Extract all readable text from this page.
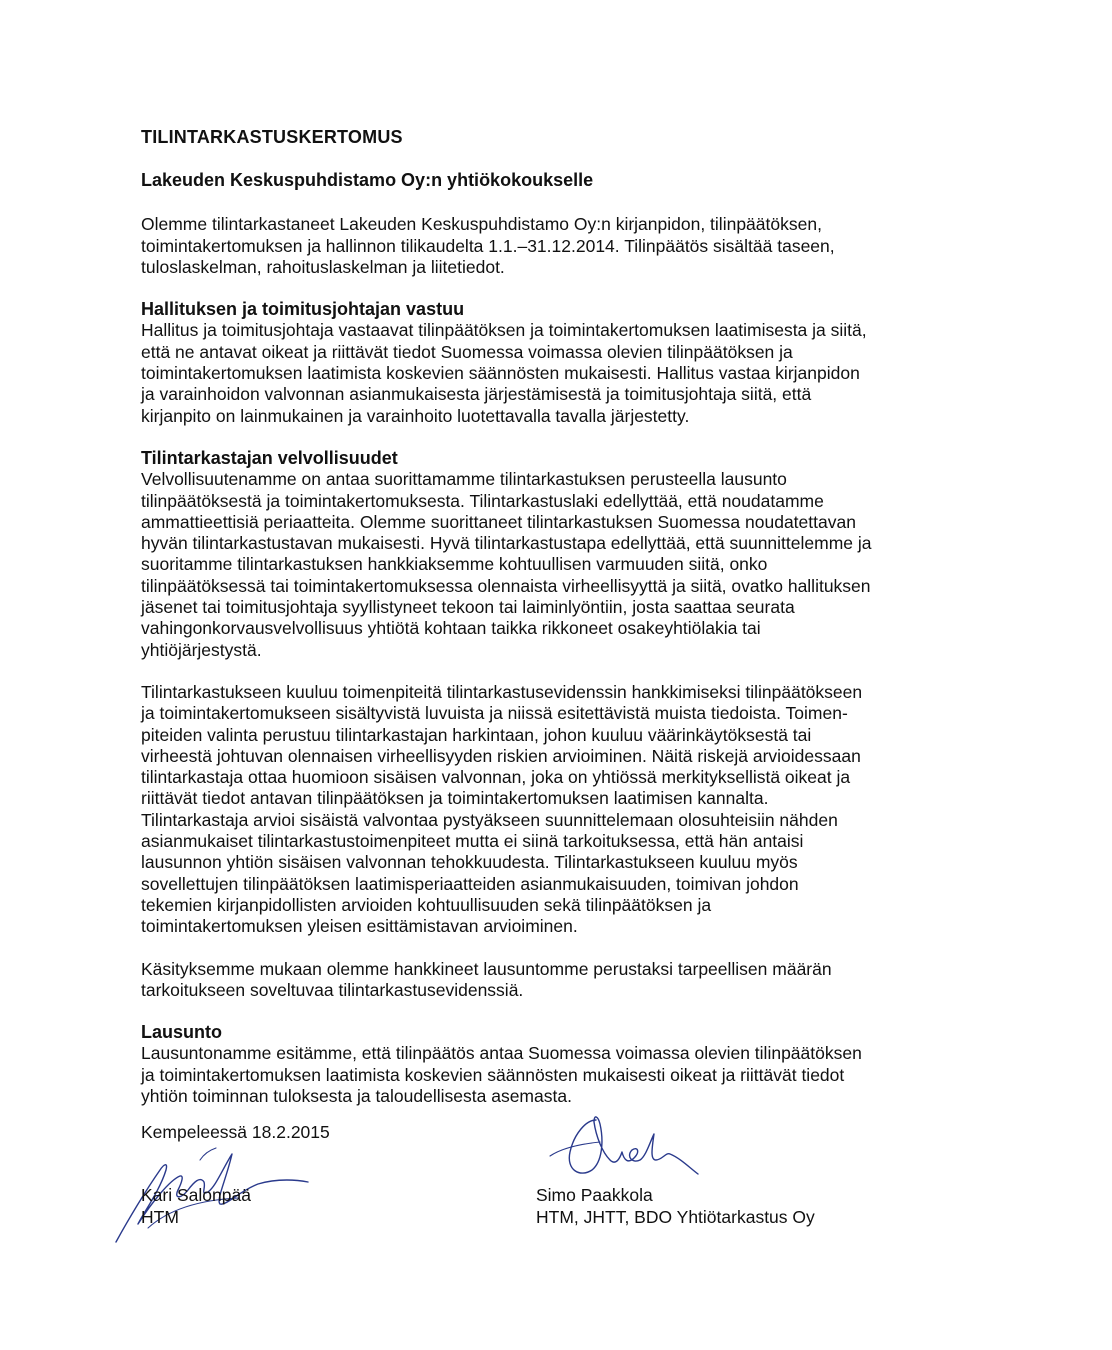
TILINTARKASTUSKERTOMUS
Lakeuden Keskuspuhdistamo Oy:n yhtiökokoukselle

Olemme tilintarkastaneet Lakeuden Keskuspuhdistamo Oy:n kirjanpidon, tilinpäätöksen,
toimintakertomuksen ja hallinnon tilikaudelta 1.1.–31.12.2014. Tilinpäätös sisältää taseen,
tuloslaskelman, rahoituslaskelman ja liitetiedot.

Hallituksen ja toimitusjohtajan vastuu

Hallitus ja toimitusjohtaja vastaavat tilinpäätöksen ja toimintakertomuksen laatimisesta ja siitä,
että ne antavat oikeat ja riittävät tiedot Suomessa voimassa olevien tilinpäätöksen ja
toimintakertomuksen laatimista koskevien säännösten mukaisesti. Hallitus vastaa kirjanpidon
ja varainhoidon valvonnan asianmukaisesta järjestämisestä ja toimitusjohtaja siitä, että
kirjanpito on lainmukainen ja varainhoito luotettavalla tavalla järjestetty.

Tilintarkastajan velvollisuudet

Velvollisuutenamme on antaa suorittamamme tilintarkastuksen perusteella lausunto
tilinpäätöksestä ja toimintakertomuksesta. Tilintarkastuslaki edellyttää, että noudatamme
ammattieettisiä periaatteita. Olemme suorittaneet tilintarkastuksen Suomessa noudatettavan
hyvän tilintarkastustavan mukaisesti. Hyvä tilintarkastustapa edellyttää, että suunnittelemme ja
suoritamme tilintarkastuksen hankkiaksemme kohtuullisen varmuuden siitä, onko
tilinpäätöksessä tai toimintakertomuksessa olennaista virheellisyyttä ja siitä, ovatko hallituksen
jäsenet tai toimitusjohtaja syyllistyneet tekoon tai laiminlyöntiin, josta saattaa seurata
vahingonkorvausvelvollisuus yhtiötä kohtaan taikka rikkoneet osakeyhtiölakia tai
yhtiöjärjestystä.

Tilintarkastukseen kuuluu toimenpiteitä tilintarkastusevidenssin hankkimiseksi tilinpäätökseen
ja toimintakertomukseen sisältyvistä luvuista ja niissä esitettävistä muista tiedoista. Toimen-
piteiden valinta perustuu tilintarkastajan harkintaan, johon kuuluu väärinkäytöksestä tai
virheestä johtuvan olennaisen virheellisyyden riskien arvioiminen. Näitä riskejä arvioidessaan
tilintarkastaja ottaa huomioon sisäisen valvonnan, joka on yhtiössä merkityksellistä oikeat ja
riittävät tiedot antavan tilinpäätöksen ja toimintakertomuksen laatimisen kannalta.
Tilintarkastaja arvioi sisäistä valvontaa pystyäkseen suunnittelemaan olosuhteisiin nähden
asianmukaiset tilintarkastustoimenpiteet mutta ei siinä tarkoituksessa, että hän antaisi
lausunnon yhtiön sisäisen valvonnan tehokkuudesta. Tilintarkastukseen kuuluu myös
sovellettujen tilinpäätöksen laatimisperiaatteiden asianmukaisuuden, toimivan johdon
tekemien kirjanpidollisten arvioiden kohtuullisuuden sekä tilinpäätöksen ja
toimintakertomuksen yleisen esittämistavan arvioiminen.

Käsityksemme mukaan olemme hankkineet lausuntomme perustaksi tarpeellisen määrän
tarkoitukseen soveltuvaa tilintarkastusevidenssiä.

Lausunto

Lausuntonamme esitämme, että tilinpäätös antaa Suomessa voimassa olevien tilinpäätöksen
ja toimintakertomuksen laatimista koskevien säännösten mukaisesti oikeat ja riittävät tiedot
yhtiön toiminnan tuloksesta ja taloudellisesta asemasta.

Kempeleessä 18.2.2015
Kari Salonpää
HTM
Simo Paakkola
HTM, JHTT, BDO Yhtiötarkastus Oy
